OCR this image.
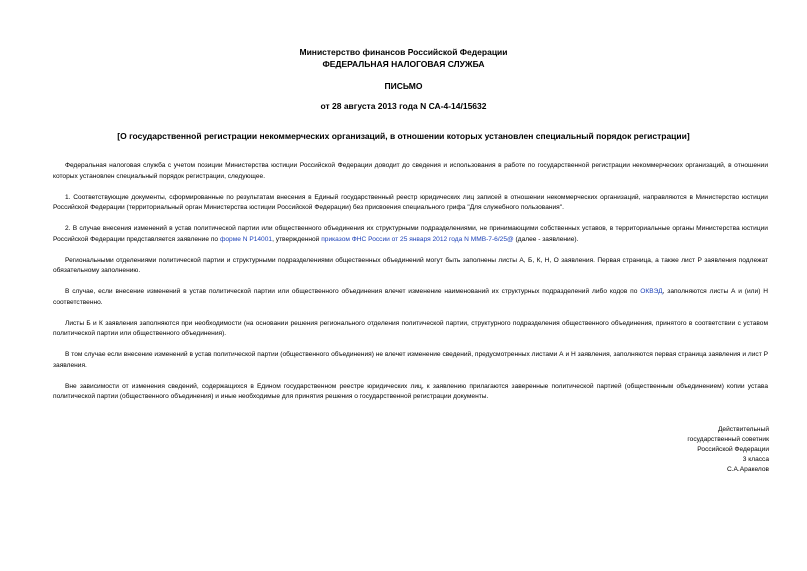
Министерство финансов Российской Федерации
ФЕДЕРАЛЬНАЯ НАЛОГОВАЯ СЛУЖБА
ПИСЬМО
от 28 августа 2013 года N СА-4-14/15632
[О государственной регистрации некоммерческих организаций, в отношении которых установлен специальный порядок регистрации]

Федеральная налоговая служба с учетом позиции Министерства юстиции Российской Федерации доводит до сведения и использования в работе по государственной регистрации некоммерческих организаций, в отношении которых установлен специальный порядок регистрации, следующее.

1. Соответствующие документы, сформированные по результатам внесения в Единый государственный реестр юридических лиц записей в отношении некоммерческих организаций, направляются в Министерство юстиции Российской Федерации (территориальный орган Министерства юстиции Российской Федерации) без присвоения специального грифа "Для служебного пользования".

2. В случае внесения изменений в устав политической партии или общественного объединения их структурными подразделениями, не принимающими собственных уставов, в территориальные органы Министерства юстиции Российской Федерации представляется заявление по форме N Р14001, утвержденной приказом ФНС России от 25 января 2012 года N ММВ-7-6/25@ (далее - заявление).

Региональными отделениями политической партии и структурными подразделениями общественных объединений могут быть заполнены листы А, Б, К, Н, О заявления. Первая страница, а также лист Р заявления подлежат обязательному заполнению.

В случае, если внесение изменений в устав политической партии или общественного объединения влечет изменение наименований их структурных подразделений либо кодов по ОКВЭД, заполняются листы А и (или) Н соответственно.

Листы Б и К заявления заполняются при необходимости (на основании решения регионального отделения политической партии, структурного подразделения общественного объединения, принятого в соответствии с уставом политической партии или общественного объединения).

В том случае если внесение изменений в устав политической партии (общественного объединения) не влечет изменение сведений, предусмотренных листами А и Н заявления, заполняются первая страница заявления и лист Р заявления.

Вне зависимости от изменения сведений, содержащихся в Едином государственном реестре юридических лиц, к заявлению прилагаются заверенные политической партией (общественным объединением) копии устава политической партии (общественного объединения) и иные необходимые для принятия решения о государственной регистрации документы.

Действительный
государственный советник
Российской Федерации
3 класса
С.А.Аракелов
